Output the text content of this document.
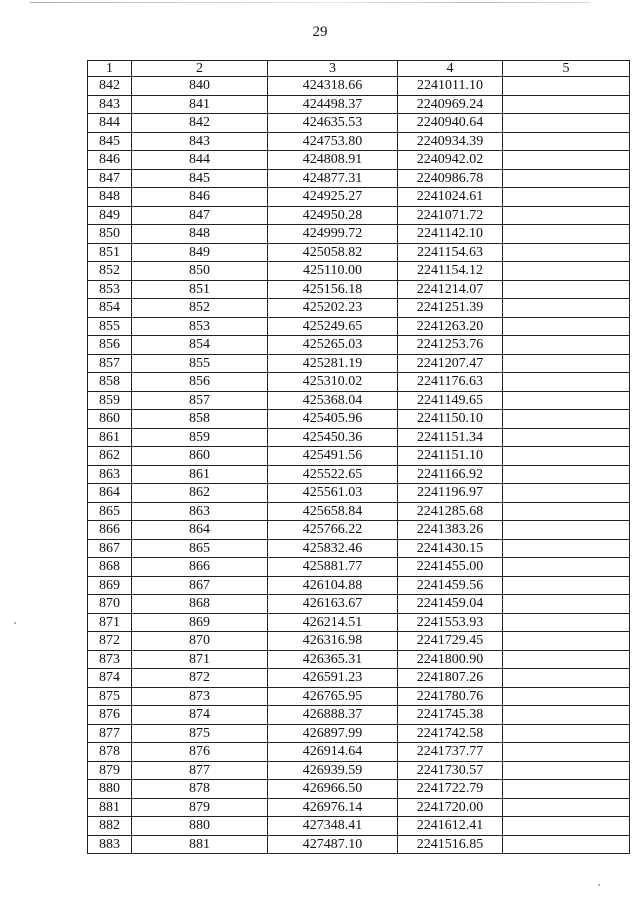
29
1	2	3	4	5
842	840	424318.66	2241011.10	
843	841	424498.37	2240969.24	
844	842	424635.53	2240940.64	
845	843	424753.80	2240934.39	
846	844	424808.91	2240942.02	
847	845	424877.31	2240986.78	
848	846	424925.27	2241024.61	
849	847	424950.28	2241071.72	
850	848	424999.72	2241142.10	
851	849	425058.82	2241154.63	
852	850	425110.00	2241154.12	
853	851	425156.18	2241214.07	
854	852	425202.23	2241251.39	
855	853	425249.65	2241263.20	
856	854	425265.03	2241253.76	
857	855	425281.19	2241207.47	
858	856	425310.02	2241176.63	
859	857	425368.04	2241149.65	
860	858	425405.96	2241150.10	
861	859	425450.36	2241151.34	
862	860	425491.56	2241151.10	
863	861	425522.65	2241166.92	
864	862	425561.03	2241196.97	
865	863	425658.84	2241285.68	
866	864	425766.22	2241383.26	
867	865	425832.46	2241430.15	
868	866	425881.77	2241455.00	
869	867	426104.88	2241459.56	
870	868	426163.67	2241459.04	
871	869	426214.51	2241553.93	
872	870	426316.98	2241729.45	
873	871	426365.31	2241800.90	
874	872	426591.23	2241807.26	
875	873	426765.95	2241780.76	
876	874	426888.37	2241745.38	
877	875	426897.99	2241742.58	
878	876	426914.64	2241737.77	
879	877	426939.59	2241730.57	
880	878	426966.50	2241722.79	
881	879	426976.14	2241720.00	
882	880	427348.41	2241612.41	
883	881	427487.10	2241516.85	
